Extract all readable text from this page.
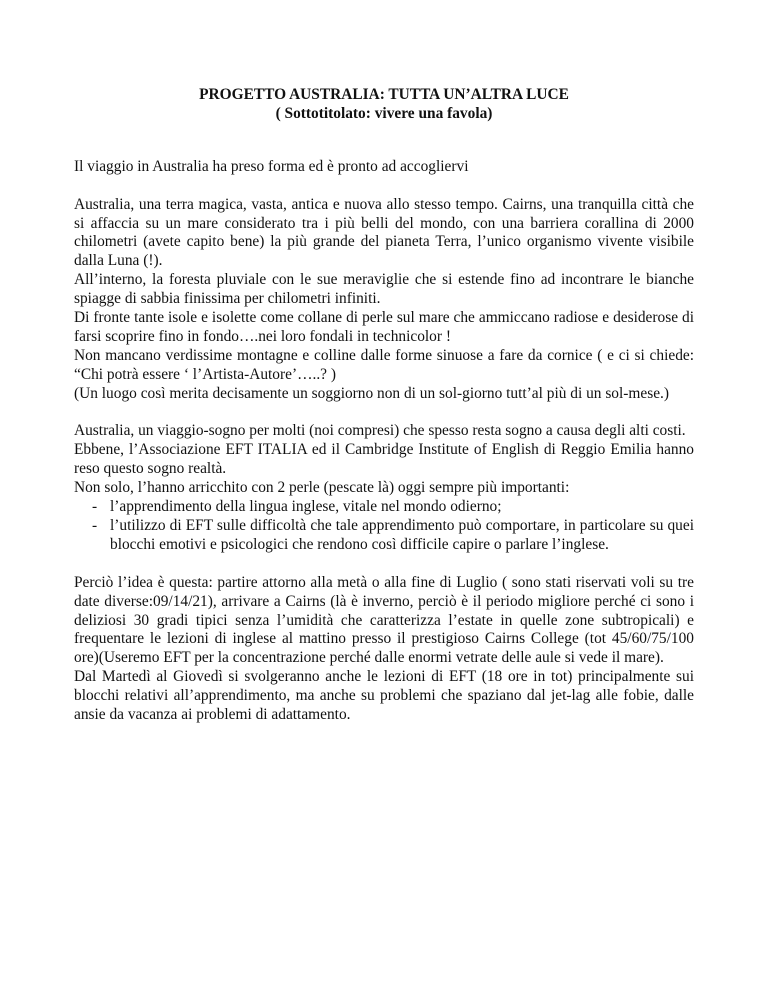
PROGETTO AUSTRALIA: TUTTA UN’ALTRA LUCE
( Sottotitolato: vivere una favola)

Il viaggio in Australia ha preso forma ed è pronto ad accogliervi

Australia, una terra magica, vasta, antica e nuova allo stesso tempo. Cairns, una tranquilla città che si affaccia su un mare considerato tra i più belli del mondo, con una barriera corallina di 2000 chilometri (avete capito bene) la più grande del pianeta Terra, l’unico organismo vivente visibile dalla Luna (!).

All’interno, la foresta pluviale con le sue meraviglie che si estende fino ad incontrare le bianche spiagge di sabbia finissima per chilometri infiniti.

Di fronte tante isole e isolette come collane di perle sul mare che ammiccano radiose e desiderose di farsi scoprire fino in fondo….nei loro fondali in technicolor !

Non mancano verdissime montagne e colline dalle forme sinuose a fare da cornice ( e ci si chiede: “Chi potrà essere ‘ l’Artista-Autore’…..? )

(Un luogo così merita decisamente un soggiorno non di un sol-giorno tutt’al più di un sol-mese.)

Australia, un viaggio-sogno per molti (noi compresi) che spesso resta sogno a causa degli alti costi.

Ebbene, l’Associazione EFT ITALIA ed il Cambridge Institute of English di Reggio Emilia hanno reso questo sogno realtà.

Non solo, l’hanno arricchito con 2 perle (pescate là) oggi sempre più importanti:

- l’apprendimento della lingua inglese, vitale nel mondo odierno;
- l’utilizzo di EFT sulle difficoltà che tale apprendimento può comportare, in particolare su quei blocchi emotivi e psicologici che rendono così difficile capire o parlare l’inglese.

Perciò l’idea è questa: partire attorno alla metà o alla fine di Luglio ( sono stati riservati voli su tre date diverse:09/14/21), arrivare a Cairns (là è inverno, perciò è il periodo migliore perché ci sono i deliziosi 30 gradi tipici senza l’umidità che caratterizza l’estate in quelle zone subtropicali) e frequentare le lezioni di inglese al mattino presso il prestigioso Cairns College (tot 45/60/75/100 ore)(Useremo EFT per la concentrazione perché dalle enormi vetrate delle aule si vede il mare).

Dal Martedì al Giovedì si svolgeranno anche le lezioni di EFT (18 ore in tot) principalmente sui blocchi relativi all’apprendimento, ma anche su problemi che spaziano dal jet-lag alle fobie, dalle ansie da vacanza ai problemi di adattamento.
